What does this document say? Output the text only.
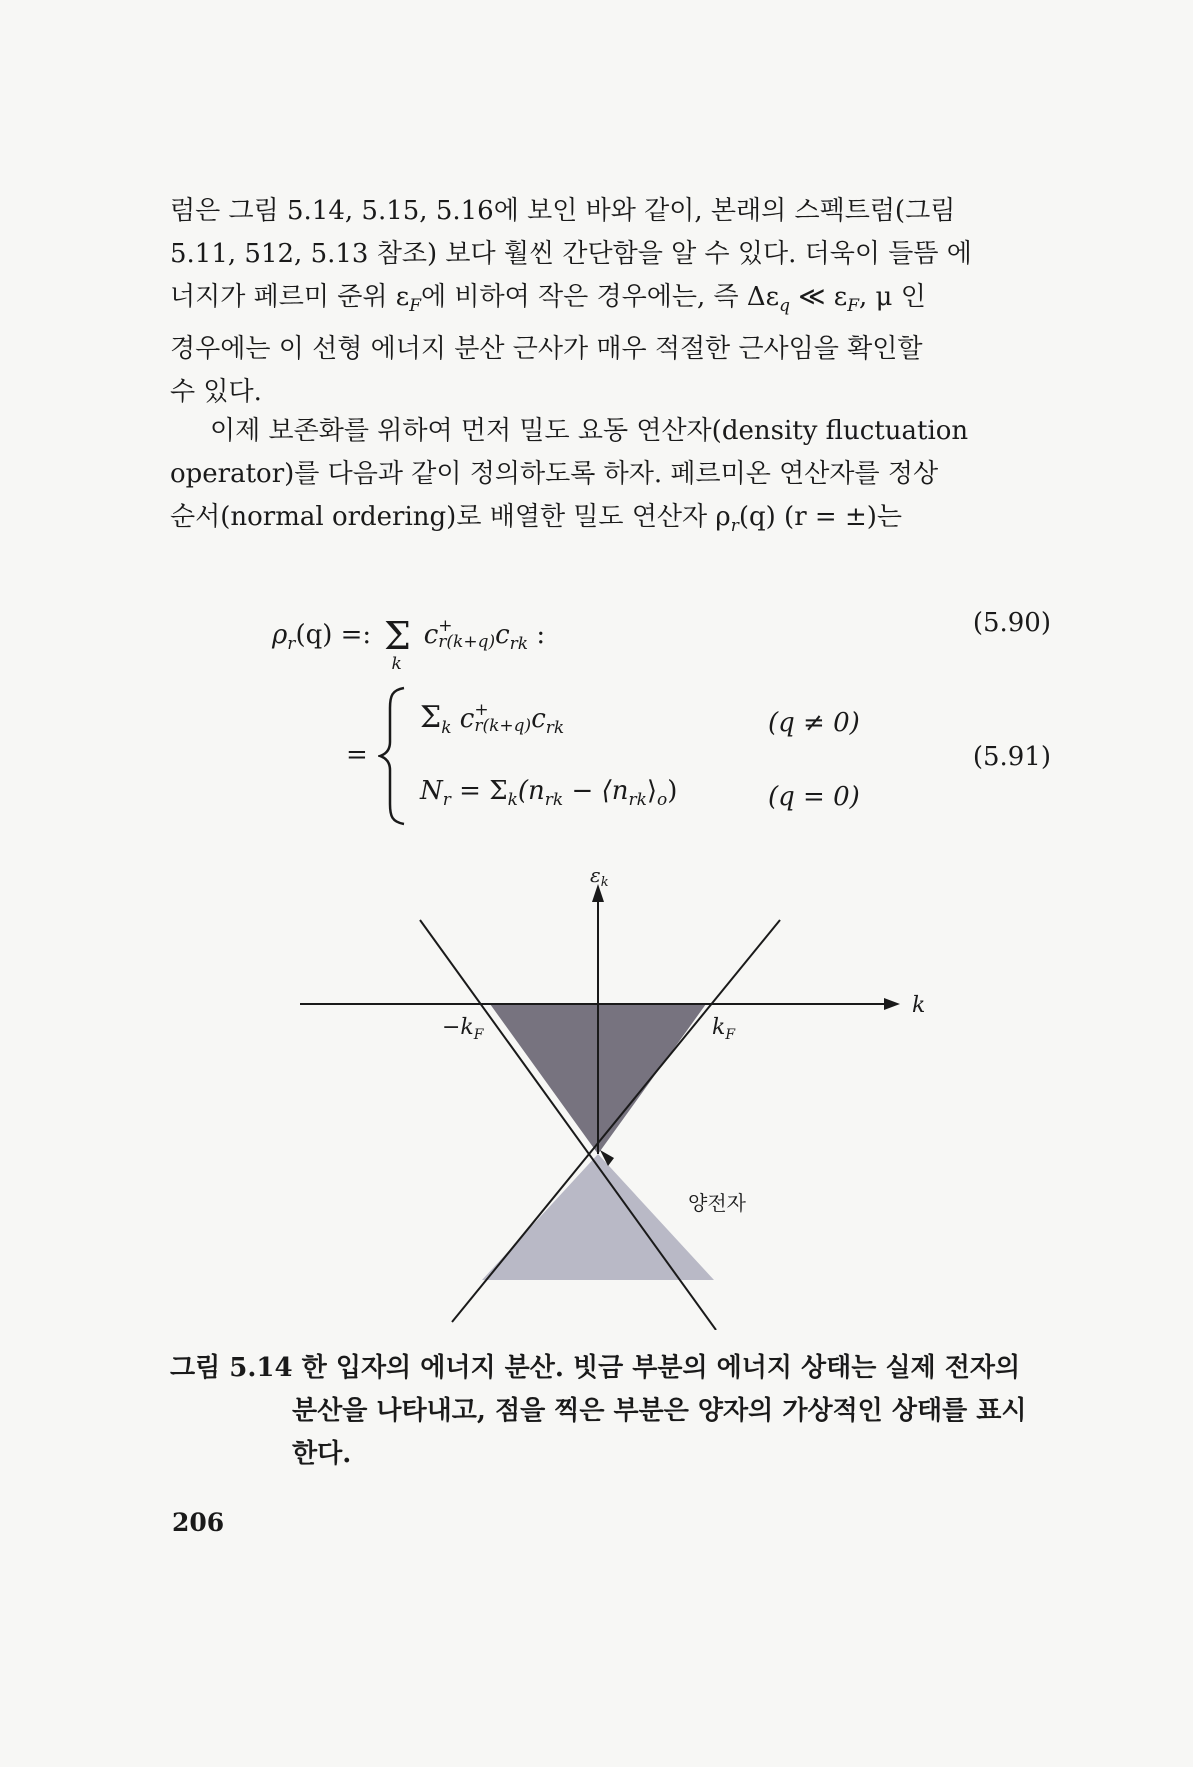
럼은 그림 5.14, 5.15, 5.16에 보인 바와 같이, 본래의 스펙트럼(그림
5.11, 512, 5.13 참조) 보다 훨씬 간단함을 알 수 있다. 더욱이 들뜸 에
너지가 페르미 준위 $\varepsilon_F$에 비하여 작은 경우에는, 즉 $\Delta\varepsilon_q$ ≪ $\varepsilon_F$, μ 인
경우에는 이 선형 에너지 분산 근사가 매우 적절한 근사임을 확인할
수 있다.
이제 보존화를 위하여 먼저 밀도 요동 연산자(density fluctuation
operator)를 다음과 같이 정의하도록 하자. 페르미온 연산자를 정상
순서(normal ordering)로 배열한 밀도 연산자 $\rho_r(q) (r$ = ±)는
$\rho_r(q)$ =: Σ
k
c +
r(k+q) $c_{rk}$ :	(5.90)
=
$\Sigma_k$ c +
r(k+q) $c_{rk}$	(q ≠ 0)
$N_r = \Sigma_k(n_{rk}$ − $⟨n_{rk}⟩_o$)	(q = 0)
(5.91)
$\varepsilon_k$
k
$-k_F$	$k_F$
양전자
그림 5.14 한 입자의 에너지 분산. 빗금 부분의 에너지 상태는 실제 전자의
분산을 나타내고, 점을 찍은 부분은 양자의 가상적인 상태를 표시
한다.
206
